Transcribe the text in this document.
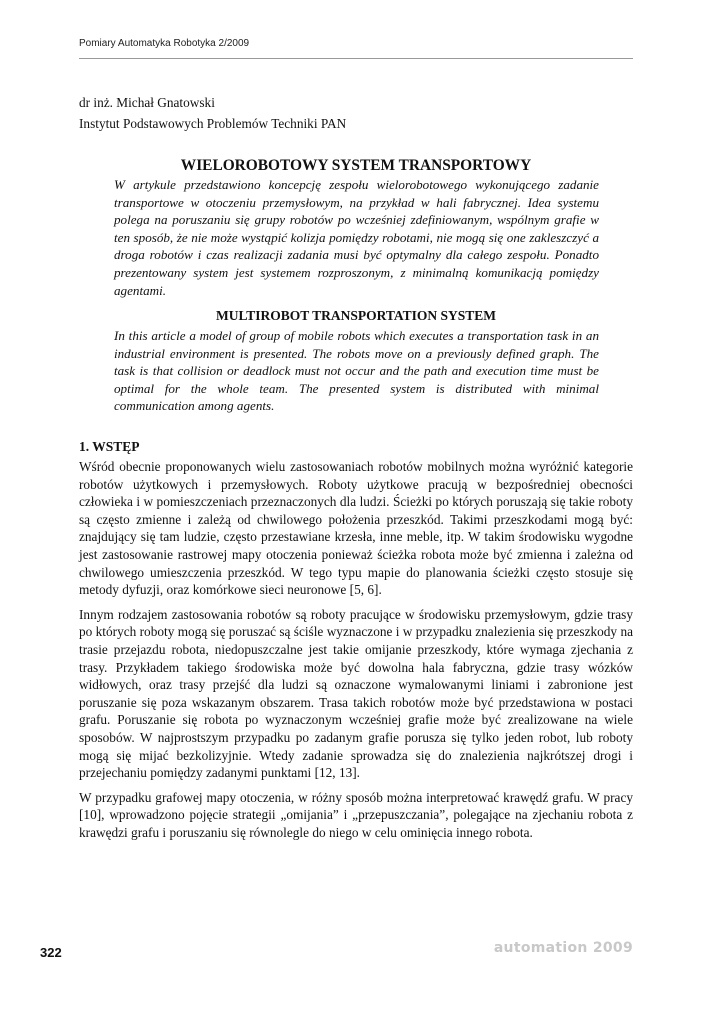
Pomiary Automatyka Robotyka 2/2009
dr inż. Michał Gnatowski
Instytut Podstawowych Problemów Techniki PAN
WIELOROBOTOWY SYSTEM TRANSPORTOWY

W artykule przedstawiono koncepcję zespołu wielorobotowego wykonującego zadanie transportowe w otoczeniu przemysłowym, na przykład w hali fabrycznej. Idea systemu polega na poruszaniu się grupy robotów po wcześniej zdefiniowanym, wspólnym grafie w ten sposób, że nie może wystąpić kolizja pomiędzy robotami, nie mogą się one zakleszczyć a droga robotów i czas realizacji zadania musi być optymalny dla całego zespołu. Ponadto prezentowany system jest systemem rozproszonym, z minimalną komunikacją pomiędzy agentami.

MULTIROBOT TRANSPORTATION SYSTEM

In this article a model of group of mobile robots which executes a transportation task in an industrial environment is presented. The robots move on a previously defined graph. The task is that collision or deadlock must not occur and the path and execution time must be optimal for the whole team. The presented system is distributed with minimal communication among agents.

1. WSTĘP

Wśród obecnie proponowanych wielu zastosowaniach robotów mobilnych można wyróżnić kategorie robotów użytkowych i przemysłowych. Roboty użytkowe pracują w bezpośredniej obecności człowieka i w pomieszczeniach przeznaczonych dla ludzi. Ścieżki po których poruszają się takie roboty są często zmienne i zależą od chwilowego położenia przeszkód. Takimi przeszkodami mogą być: znajdujący się tam ludzie, często przestawiane krzesła, inne meble, itp. W takim środowisku wygodne jest zastosowanie rastrowej mapy otoczenia ponieważ ścieżka robota może być zmienna i zależna od chwilowego umieszczenia przeszkód. W tego typu mapie do planowania ścieżki często stosuje się metody dyfuzji, oraz komórkowe sieci neuronowe [5, 6].

Innym rodzajem zastosowania robotów są roboty pracujące w środowisku przemysłowym, gdzie trasy po których roboty mogą się poruszać są ściśle wyznaczone i w przypadku znalezienia się przeszkody na trasie przejazdu robota, niedopuszczalne jest takie omijanie przeszkody, które wymaga zjechania z trasy. Przykładem takiego środowiska może być dowolna hala fabryczna, gdzie trasy wózków widłowych, oraz trasy przejść dla ludzi są oznaczone wymalowanymi liniami i zabronione jest poruszanie się poza wskazanym obszarem. Trasa takich robotów może być przedstawiona w postaci grafu. Poruszanie się robota po wyznaczonym wcześniej grafie może być zrealizowane na wiele sposobów. W najprostszym przypadku po zadanym grafie porusza się tylko jeden robot, lub roboty mogą się mijać bezkolizyjnie. Wtedy zadanie sprowadza się do znalezienia najkrótszej drogi i przejechaniu pomiędzy zadanymi punktami [12, 13].

W przypadku grafowej mapy otoczenia, w różny sposób można interpretować krawędź grafu. W pracy [10], wprowadzono pojęcie strategii „omijania” i „przepuszczania”, polegające na zjechaniu robota z krawędzi grafu i poruszaniu się równolegle do niego w celu ominięcia innego robota.

322	automation 2009
